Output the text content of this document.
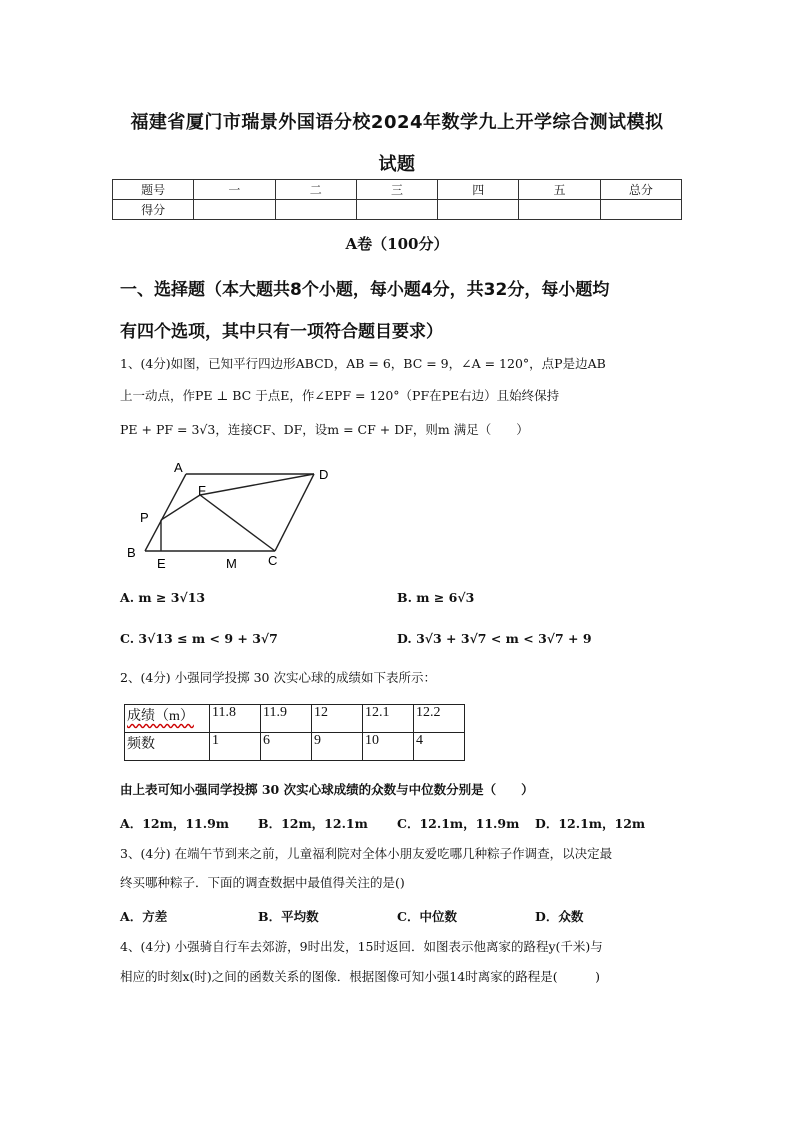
福建省厦门市瑞景外国语分校2024年数学九上开学综合测试模拟
试题
题号	一	二	三	四	五	总分
得分						
A卷（100分）
一、选择题（本大题共8个小题，每小题4分，共32分，每小题均
有四个选项，其中只有一项符合题目要求）
1、(4分)如图，已知平行四边形ABCD，AB = 6，BC = 9，∠A = 120°，点P是边AB
上一动点，作PE ⊥ BC 于点E，作∠EPF = 120°（PF在PE右边）且始终保持
PE + PF = 3√3，连接CF、DF，设m = CF + DF，则m 满足（　　）
A	D
F
P
B
E	M C
A. m ≥ 3√13	B. m ≥ 6√3
C. 3√13 ≤ m < 9 + 3√7	D. 3√3 + 3√7 < m < 3√7 + 9
2、(4分) 小强同学投掷 30 次实心球的成绩如下表所示：
成绩（m）	11.8	11.9	12	12.1	12.2
频数	1	6	9	10	4
由上表可知小强同学投掷 30 次实心球成绩的众数与中位数分别是（　　）
A．12m，11.9m B．12m，12.1m C．12.1m，11.9m D．12.1m，12m
3、(4分) 在端午节到来之前，儿童福利院对全体小朋友爱吃哪几种粽子作调查，以决定最
终买哪种粽子．下面的调查数据中最值得关注的是()
A．方差	B．平均数	C．中位数	D．众数
4、(4分) 小强骑自行车去郊游，9时出发，15时返回．如图表示他离家的路程y(千米)与
相应的时刻x(时)之间的函数关系的图像．根据图像可知小强14时离家的路程是(　　　)
